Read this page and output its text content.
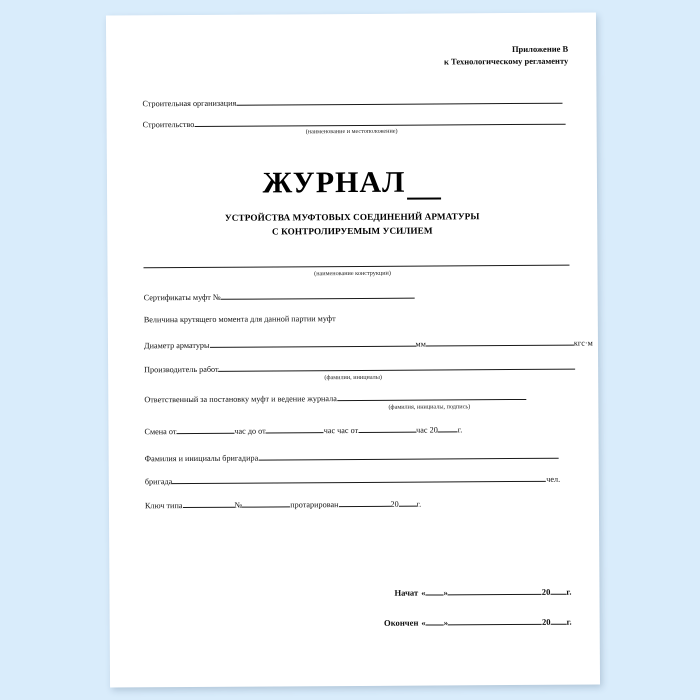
Приложение В
к Технологическому регламенту
Строительная организация
Строительство
(наименование и местоположение)
ЖУРНАЛ
УСТРОЙСТВА МУФТОВЫХ СОЕДИНЕНИЙ АРМАТУРЫ
С КОНТРОЛИРУЕМЫМ УСИЛИЕМ
(наименование конструкции)
Сертификаты муфт №
Величина крутящего момента для данной партии муфт
Диаметр арматуры	мм	кгс·м
Производитель работ
(фамилии, инициалы)
Ответственный за постановку муфт и ведение журнала
(фамилия, инициалы, подпись)
Смена от	час до от	час час от	час 20 г.
Фамилия и инициалы бригадира
бригада	чел.
Ключ типа	№	протарирован	20 г.
Начат « »	20 г.
Окончен « »	20 г.
